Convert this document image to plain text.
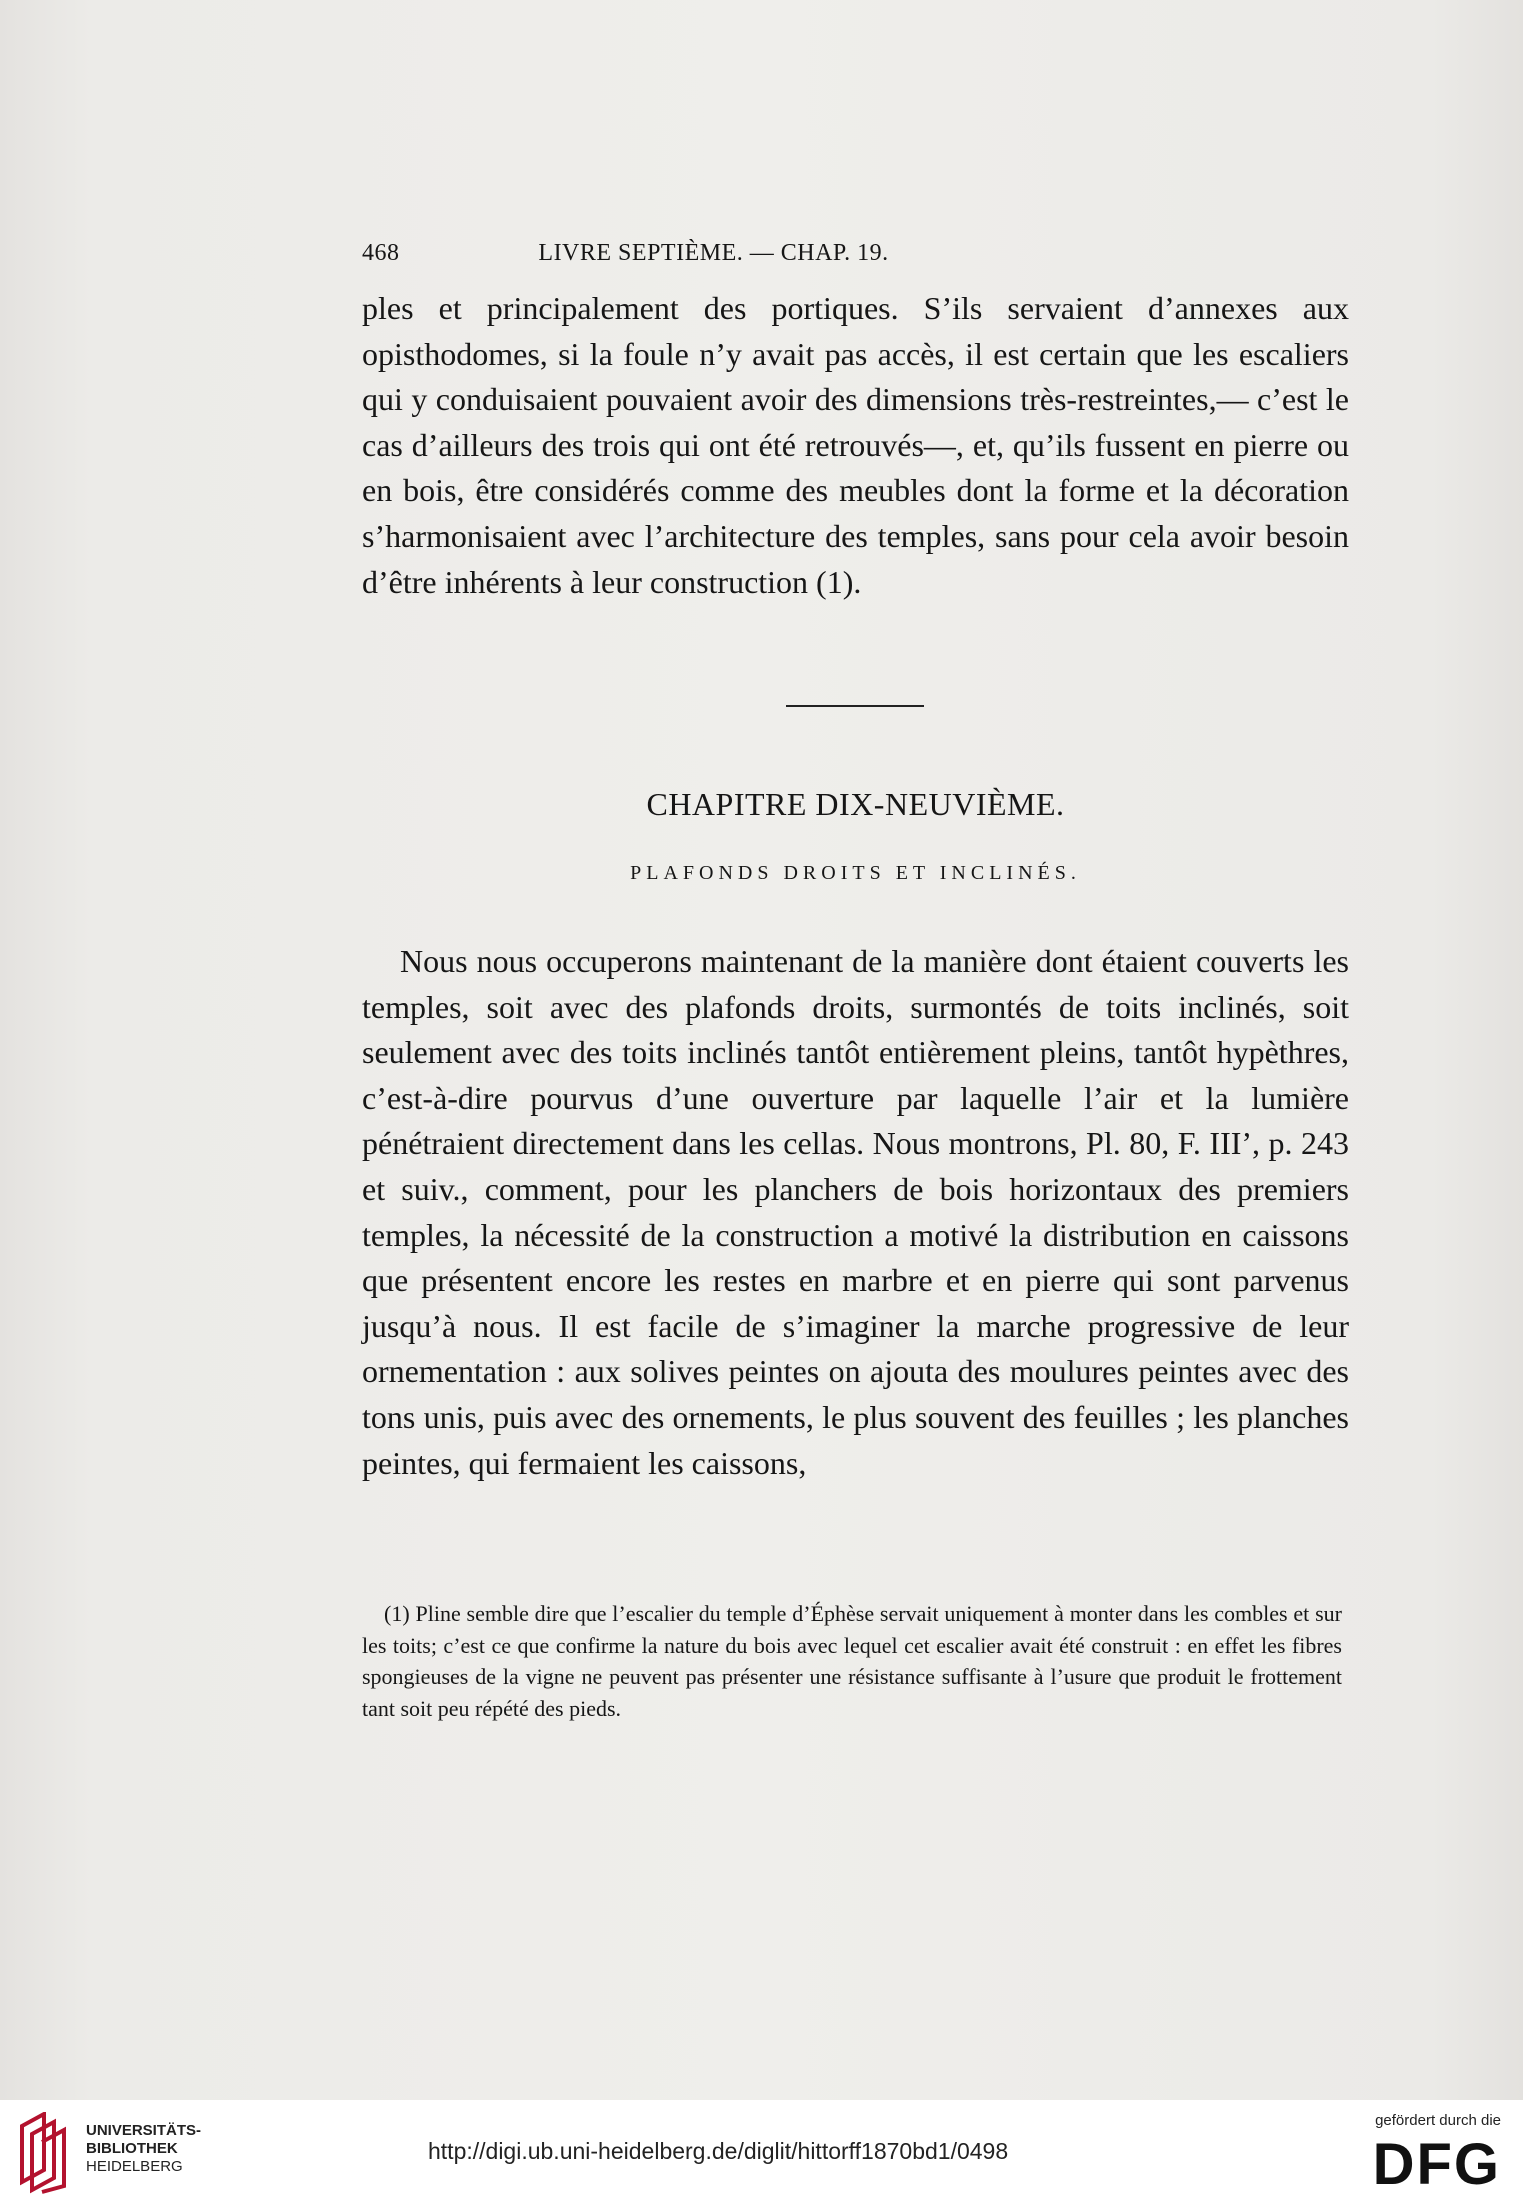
468	LIVRE SEPTIÈME. — CHAP. 19.

ples et principalement des portiques. S’ils servaient d’annexes aux opisthodomes, si la foule n’y avait pas accès, il est certain que les escaliers qui y conduisaient pouvaient avoir des dimensions très-restreintes,— c’est le cas d’ailleurs des trois qui ont été retrouvés—, et, qu’ils fussent en pierre ou en bois, être considérés comme des meubles dont la forme et la décoration s’harmonisaient avec l’architecture des temples, sans pour cela avoir besoin d’être inhérents à leur construction (1).

CHAPITRE DIX-NEUVIÈME.
PLAFONDS DROITS ET INCLINÉS.

Nous nous occuperons maintenant de la manière dont étaient couverts les temples, soit avec des plafonds droits, surmontés de toits inclinés, soit seulement avec des toits inclinés tantôt entièrement pleins, tantôt hypèthres, c’est-à-dire pourvus d’une ouverture par laquelle l’air et la lumière pénétraient directement dans les cellas. Nous montrons, Pl. 80, F. III’, p. 243 et suiv., comment, pour les planchers de bois horizontaux des premiers temples, la nécessité de la construction a motivé la distribution en caissons que présentent encore les restes en marbre et en pierre qui sont parvenus jusqu’à nous. Il est facile de s’imaginer la marche progressive de leur ornementation : aux solives peintes on ajouta des moulures peintes avec des tons unis, puis avec des ornements, le plus souvent des feuilles ; les planches peintes, qui fermaient les caissons,

(1) Pline semble dire que l’escalier du temple d’Éphèse servait uniquement à monter dans les combles et sur les toits; c’est ce que confirme la nature du bois avec lequel cet escalier avait été construit : en effet les fibres spongieuses de la vigne ne peuvent pas présenter une résistance suffisante à l’usure que produit le frottement tant soit peu répété des pieds.

UNIVERSITÄTS-
BIBLIOTHEK
HEIDELBERG
http://digi.ub.uni-heidelberg.de/diglit/hittorff1870bd1/0498
gefördert durch die
DFG
